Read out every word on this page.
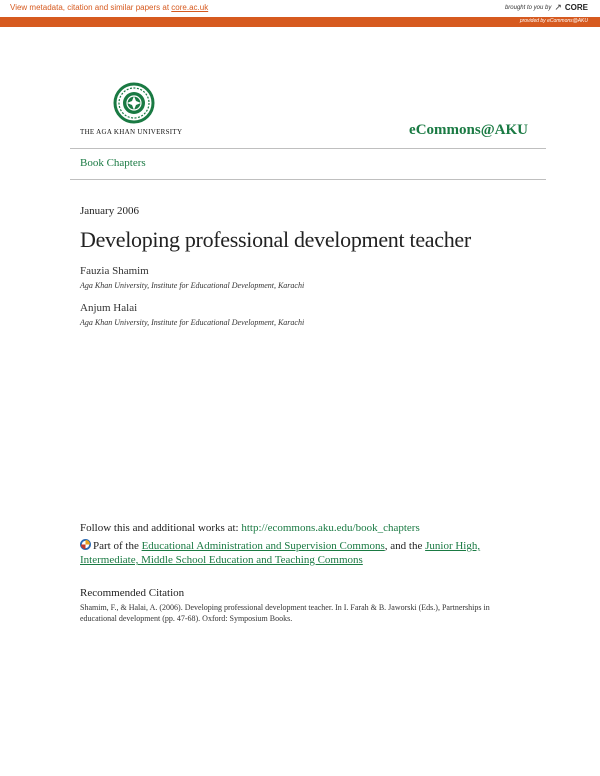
View metadata, citation and similar papers at core.ac.uk	brought to you by ↗ CORE
provided by eCommons@AKU
THE AGA KHAN UNIVERSITY	eCommons@AKU
Book Chapters
January 2006
Developing professional development teacher
Fauzia Shamim
Aga Khan University, Institute for Educational Development, Karachi
Anjum Halai
Aga Khan University, Institute for Educational Development, Karachi
Follow this and additional works at: http://ecommons.aku.edu/book_chapters
Part of the Educational Administration and Supervision Commons, and the Junior High, Intermediate, Middle School Education and Teaching Commons
Recommended Citation
Shamim, F., & Halai, A. (2006). Developing professional development teacher. In I. Farah & B. Jaworski (Eds.), Partnerships in educational development (pp. 47-68). Oxford: Symposium Books.
